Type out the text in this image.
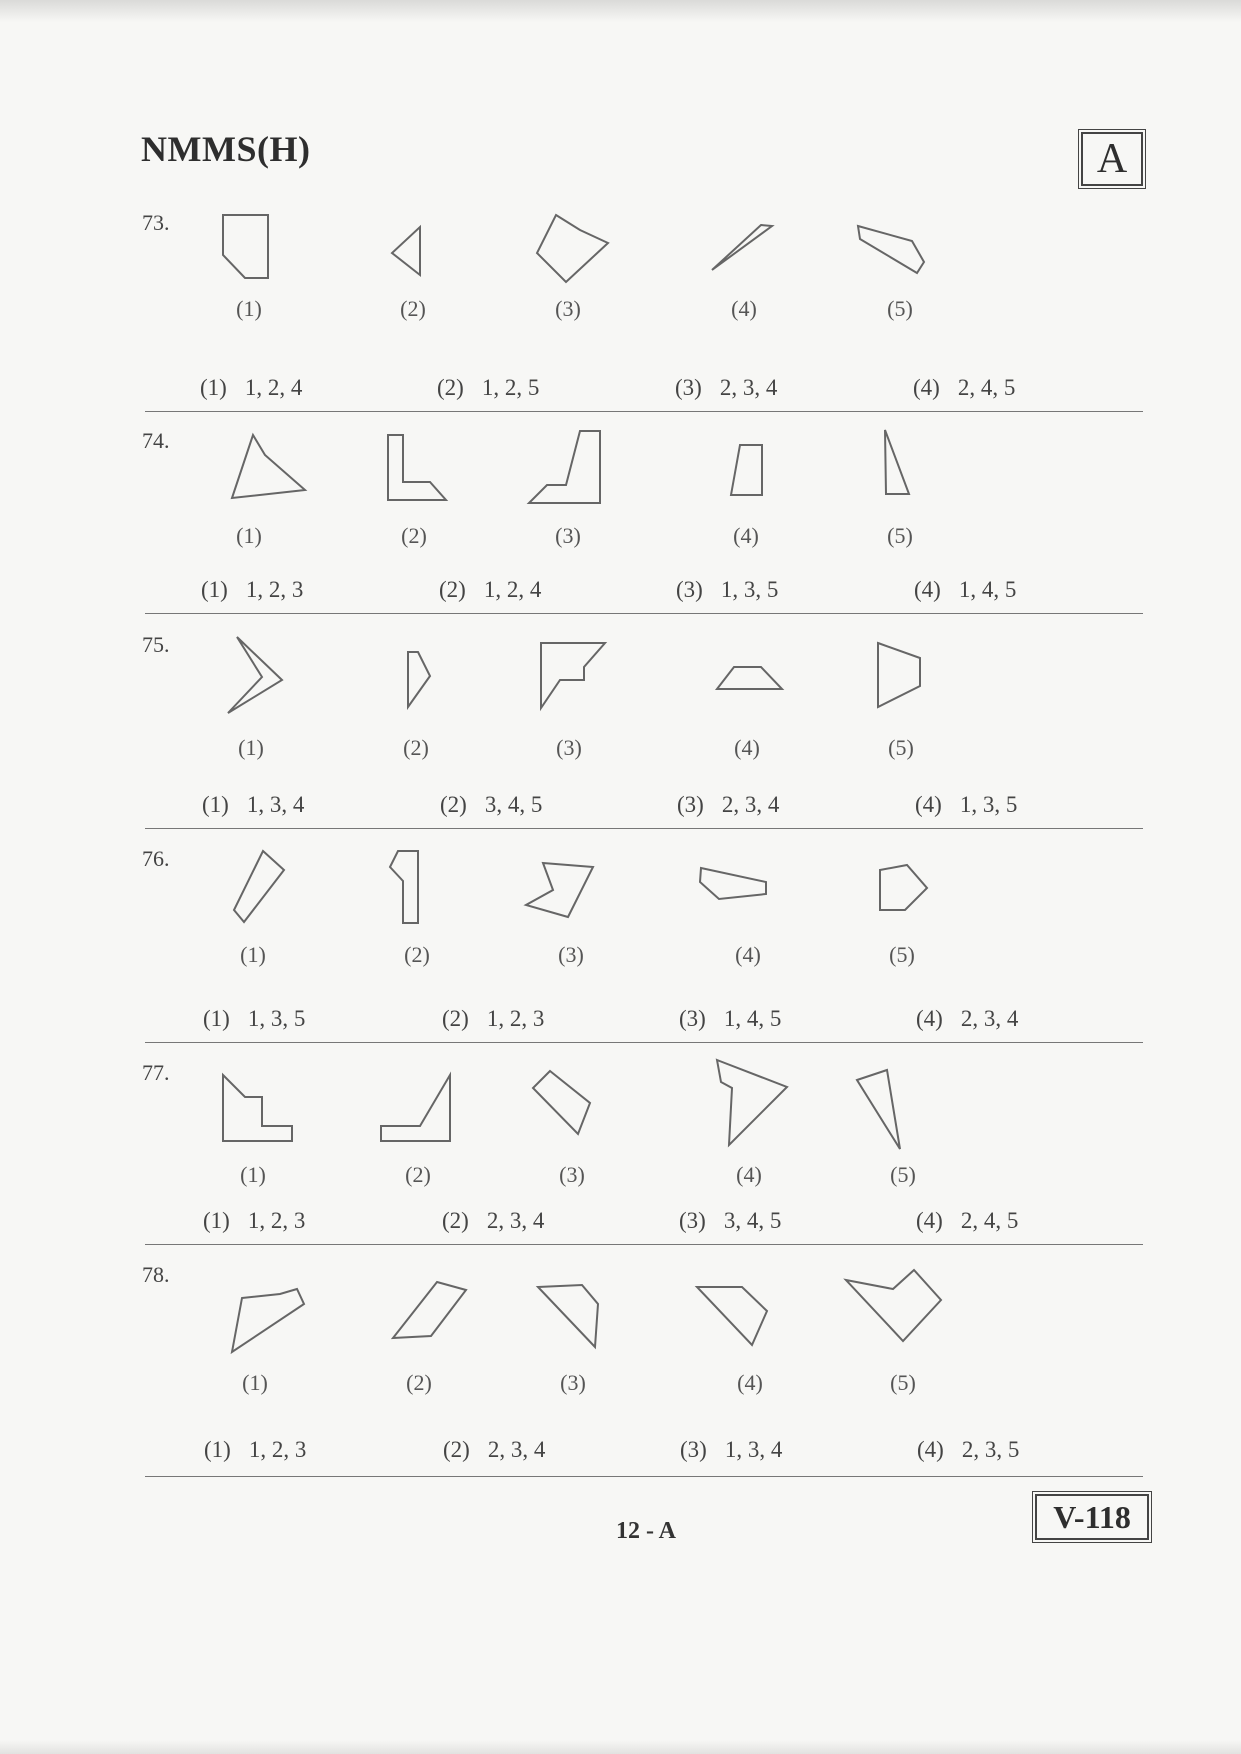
NMMS(H)	A
73.
(1)	(2)	(3)	(4)	(5)
(1) 1, 2, 4	(2) 1, 2, 5	(3) 2, 3, 4	(4) 2, 4, 5
74.
(1)	(2)	(3)	(4)	(5)
(1) 1, 2, 3	(2) 1, 2, 4	(3) 1, 3, 5	(4) 1, 4, 5
75.
(1)	(2)	(3)	(4)	(5)
(1) 1, 3, 4	(2) 3, 4, 5	(3) 2, 3, 4	(4) 1, 3, 5
76.
(1)	(2)	(3)	(4)	(5)
(1) 1, 3, 5	(2) 1, 2, 3	(3) 1, 4, 5	(4) 2, 3, 4
77.
(1)	(2)	(3)	(4)	(5)
(1) 1, 2, 3	(2) 2, 3, 4	(3) 3, 4, 5	(4) 2, 4, 5
78.
(1)	(2)	(3)	(4)	(5)
(1) 1, 2, 3	(2) 2, 3, 4	(3) 1, 3, 4	(4) 2, 3, 5
12 - A	V-118
